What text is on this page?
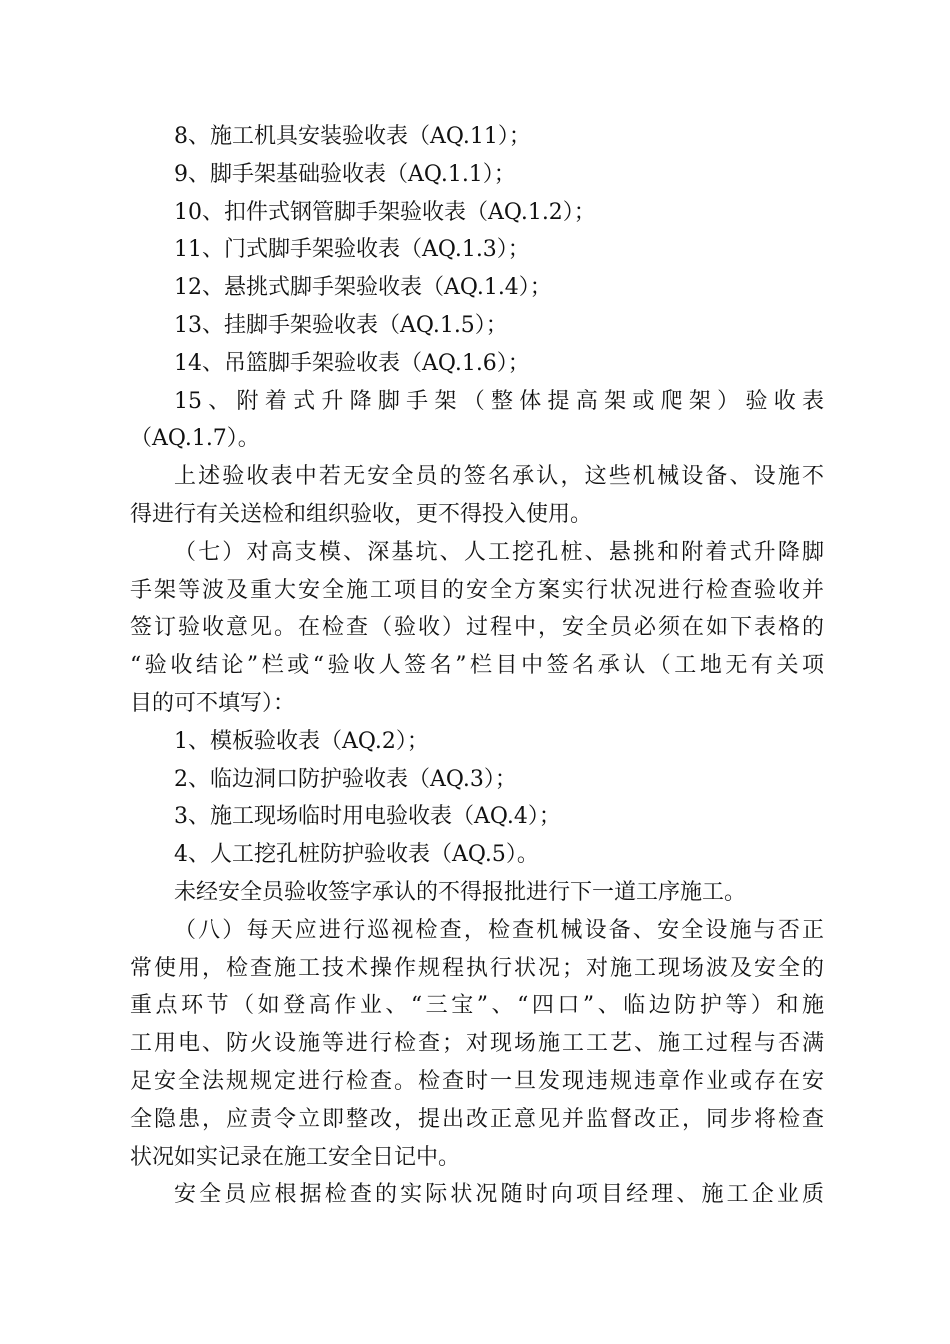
8、施工机具安装验收表（AQ.11）；
9、脚手架基础验收表（AQ.1.1）；
10、扣件式钢管脚手架验收表（AQ.1.2）；
11、门式脚手架验收表（AQ.1.3）；
12、悬挑式脚手架验收表（AQ.1.4）；
13、挂脚手架验收表（AQ.1.5）；
14、吊篮脚手架验收表（AQ.1.6）；
15、附着式升降脚手架（整体提高架或爬架）验收表
（AQ.1.7）。
上述验收表中若无安全员的签名承认，这些机械设备、设施不
得进行有关送检和组织验收，更不得投入使用。
（七）对高支模、深基坑、人工挖孔桩、悬挑和附着式升降脚
手架等波及重大安全施工项目的安全方案实行状况进行检查验收并
签订验收意见。在检查（验收）过程中，安全员必须在如下表格的
“验收结论”栏或“验收人签名”栏目中签名承认（工地无有关项
目的可不填写）：
1、模板验收表（AQ.2）；
2、临边洞口防护验收表（AQ.3）；
3、施工现场临时用电验收表（AQ.4）；
4、人工挖孔桩防护验收表（AQ.5）。
未经安全员验收签字承认的不得报批进行下一道工序施工。
（八）每天应进行巡视检查，检查机械设备、安全设施与否正
常使用，检查施工技术操作规程执行状况；对施工现场波及安全的
重点环节（如登高作业、“三宝”、“四口”、临边防护等）和施
工用电、防火设施等进行检查；对现场施工工艺、施工过程与否满
足安全法规规定进行检查。检查时一旦发现违规违章作业或存在安
全隐患，应责令立即整改，提出改正意见并监督改正，同步将检查
状况如实记录在施工安全日记中。
安全员应根据检查的实际状况随时向项目经理、施工企业质
